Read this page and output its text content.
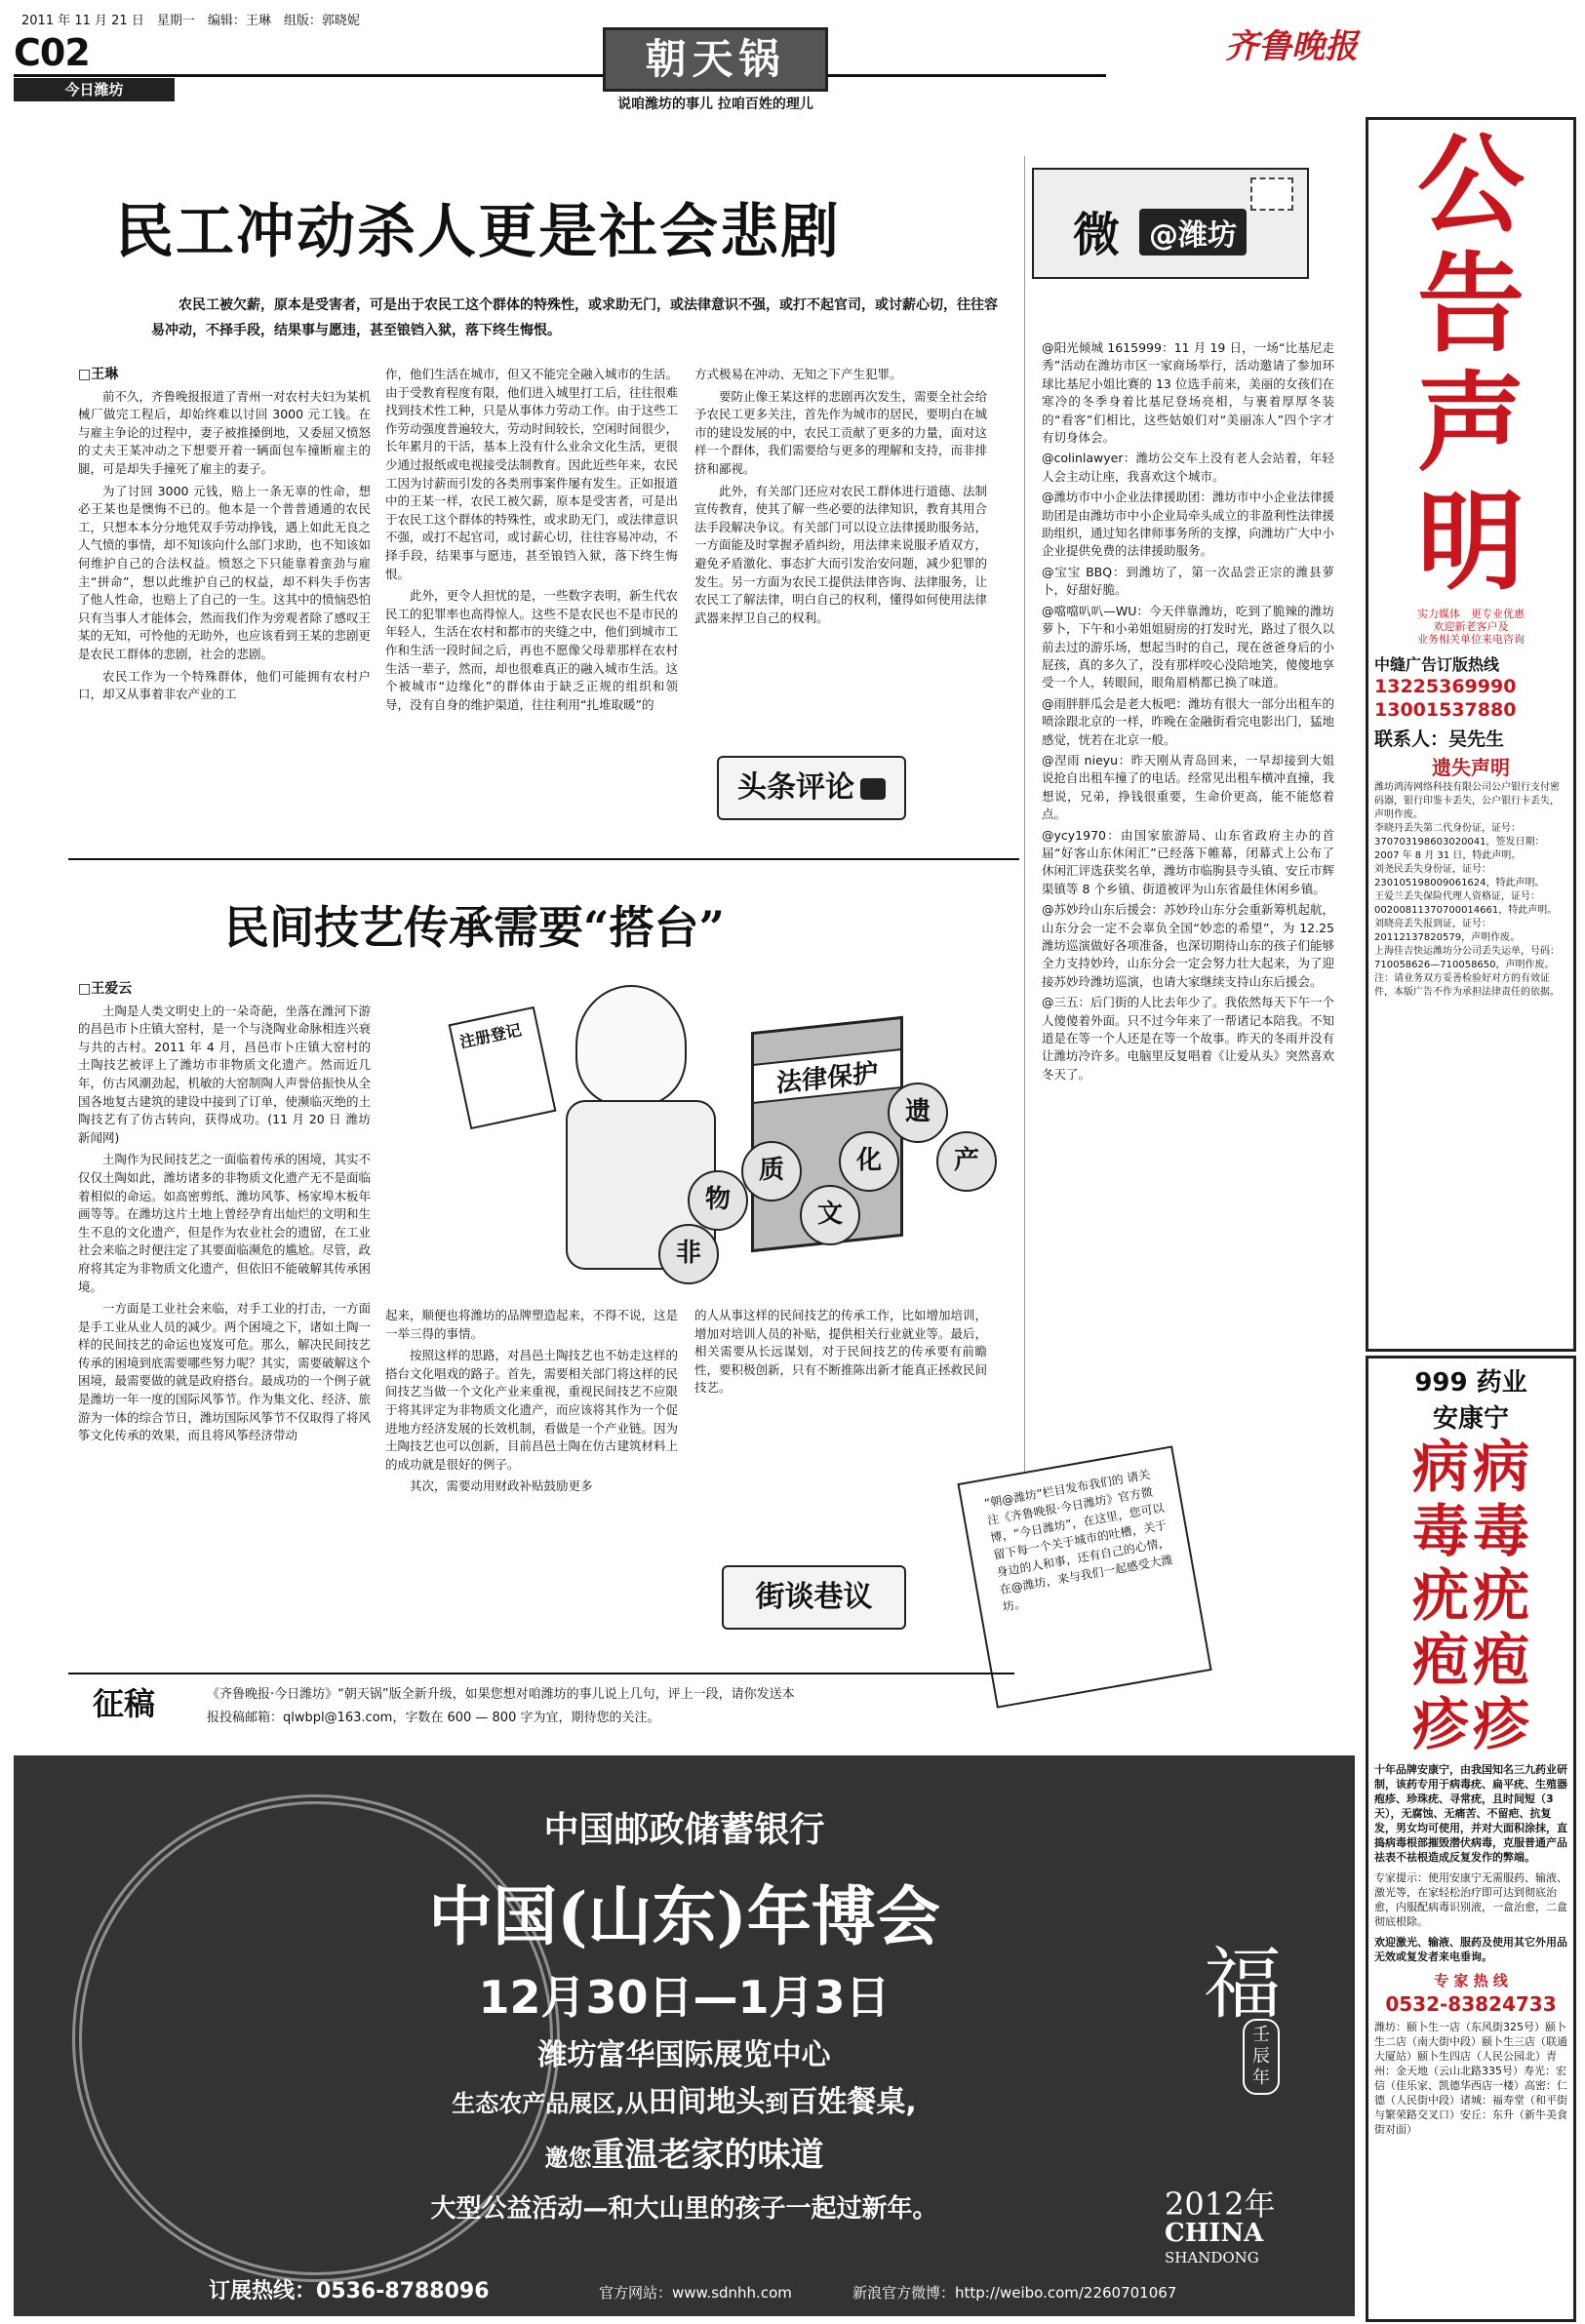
2011 年 11 月 21 日　星期一　编辑：王琳　组版：郭晓妮
C02
今日潍坊
朝天锅
说咱潍坊的事儿 拉咱百姓的理儿
齐鲁晚报
民工冲动杀人更是社会悲剧
农民工被欠薪，原本是受害者，可是出于农民工这个群体的特殊性，或求助无门，或法律意识不强，或打不起官司，或讨薪心切，往往容易冲动，不择手段，结果事与愿违，甚至锒铛入狱，落下终生悔恨。

□王琳

前不久，齐鲁晚报报道了青州一对农村夫妇为某机械厂做完工程后，却始终难以讨回 3000 元工钱。在与雇主争论的过程中，妻子被推搡倒地，又委屈又愤怒的丈夫王某冲动之下想要开着一辆面包车撞断雇主的腿，可是却失手撞死了雇主的妻子。

为了讨回 3000 元钱，赔上一条无辜的性命，想必王某也是懊悔不已的。他本是一个普普通通的农民工，只想本本分分地凭双手劳动挣钱，遇上如此无良之人气愤的事情，却不知该向什么部门求助，也不知该如何维护自己的合法权益。愤怒之下只能靠着蛮劲与雇主“拼命”，想以此维护自己的权益，却不料失手伤害了他人性命，也赔上了自己的一生。这其中的愤恼恐怕只有当事人才能体会，然而我们作为旁观者除了感叹王某的无知，可怜他的无助外，也应该看到王某的悲剧更是农民工群体的悲剧，社会的悲剧。

农民工作为一个特殊群体，他们可能拥有农村户口，却又从事着非农产业的工

作，他们生活在城市，但又不能完全融入城市的生活。由于受教育程度有限，他们进入城里打工后，往往很难找到技术性工种，只是从事体力劳动工作。由于这些工作劳动强度普遍较大，劳动时间较长，空闲时间很少，长年累月的干活，基本上没有什么业余文化生活，更很少通过报纸或电视接受法制教育。因此近些年来，农民工因为讨薪而引发的各类刑事案件屡有发生。正如报道中的王某一样，农民工被欠薪，原本是受害者，可是出于农民工这个群体的特殊性，或求助无门，或法律意识不强，或打不起官司，或讨薪心切，往往容易冲动，不择手段，结果事与愿违，甚至锒铛入狱，落下终生悔恨。

此外，更令人担忧的是，一些数字表明，新生代农民工的犯罪率也高得惊人。这些不是农民也不是市民的年轻人，生活在农村和都市的夹缝之中，他们到城市工作和生活一段时间之后，再也不愿像父母辈那样在农村生活一辈子，然而，却也很难真正的融入城市生活。这个被城市“边缘化”的群体由于缺乏正规的组织和领导，没有自身的维护渠道，往往利用“扎堆取暖”的

方式极易在冲动、无知之下产生犯罪。

要防止像王某这样的悲剧再次发生，需要全社会给予农民工更多关注，首先作为城市的居民，要明白在城市的建设发展的中，农民工贡献了更多的力量，面对这样一个群体，我们需要给与更多的理解和支持，而非排挤和鄙视。

此外，有关部门还应对农民工群体进行道德、法制宣传教育，使其了解一些必要的法律知识，教育其用合法手段解决争议。有关部门可以设立法律援助服务站，一方面能及时掌握矛盾纠纷，用法律来说服矛盾双方，避免矛盾激化、事态扩大而引发治安问题，减少犯罪的发生。另一方面为农民工提供法律咨询、法律服务，让农民工了解法律，明白自己的权利，懂得如何使用法律武器来捍卫自己的权利。

头条评论
微 @潍坊

@阳光倾城 1615999：11 月 19 日，一场“比基尼走秀”活动在潍坊市区一家商场举行，活动邀请了参加环球比基尼小姐比赛的 13 位选手前来，美丽的女孩们在寒冷的冬季身着比基尼登场亮相，与裹着厚厚冬装的“看客”们相比，这些姑娘们对“美丽冻人”四个字才有切身体会。

@colinlawyer：潍坊公交车上没有老人会站着，年轻人会主动让座，我喜欢这个城市。

@潍坊市中小企业法律援助团：潍坊市中小企业法律援助团是由潍坊市中小企业局牵头成立的非盈利性法律援助组织，通过知名律师事务所的支撑，向潍坊广大中小企业提供免费的法律援助服务。

@宝宝 BBQ：到潍坊了，第一次品尝正宗的潍县萝卜，好甜好脆。

@噹噹叭叭—WU：今天伴靠潍坊，吃到了脆辣的潍坊萝卜，下午和小弟姐姐厨房的打发时光，路过了很久以前去过的游乐场，想起当时的自己，现在爸爸身后的小屁孩，真的多久了，没有那样咬心没陪地笑，傻傻地享受一个人，转眼间，眼角眉梢都已换了味道。

@雨胖胖瓜会是老大板吧：潍坊有很大一部分出租车的喷涂跟北京的一样，昨晚在金融街看完电影出门，猛地感觉，恍若在北京一般。

@涅雨 nieyu：昨天刚从青岛回来，一早却接到大姐说抢自出租车撞了的电话。经常见出租车横冲直撞，我想说，兄弟，挣钱很重要，生命价更高，能不能悠着点。

@ycy1970：由国家旅游局、山东省政府主办的首届“好客山东休闲汇”已经落下帷幕，闭幕式上公布了休闲汇评选获奖名单，潍坊市临朐县寺头镇、安丘市辉渠镇等 8 个乡镇、街道被评为山东省最佳休闲乡镇。

@苏妙玲山东后援会：苏妙玲山东分会重新筹机起航，山东分会一定不会辜负全国“妙恋的希望”，为 12.25 潍坊巡演做好各项准备，也深切期待山东的孩子们能够全力支持妙玲，山东分会一定会努力壮大起来，为了迎接苏妙玲潍坊巡演，也请大家继续支持山东后援会。

@三五：后门街的人比去年少了。我依然每天下午一个人傻傻着外面。只不过今年来了一帮诸记本陪我。不知道是在等一个人还是在等一个故事。昨天的冬雨并没有让潍坊冷许多。电脑里反复唱着《让爱从头》突然喜欢冬天了。

民间技艺传承需要“搭台”
注册登记
法律保护
非
物
质
文
化
遗
产

□王爱云

土陶是人类文明史上的一朵奇葩，坐落在潍河下游的昌邑市卜庄镇大窑村，是一个与浇陶业命脉相连兴衰与共的古村。2011 年 4 月，昌邑市卜庄镇大窑村的土陶技艺被评上了潍坊市非物质文化遗产。然而近几年，仿古风潮劲起，机敏的大窑制陶人声誉倍振快从全国各地复古建筑的建设中接到了订单，使濒临灭绝的土陶技艺有了仿古转向，获得成功。(11 月 20 日 潍坊新闻网)

土陶作为民间技艺之一面临着传承的困境，其实不仅仅土陶如此，潍坊诸多的非物质文化遗产无不是面临着相似的命运。如高密剪纸、潍坊风筝、杨家埠木板年画等等。在潍坊这片土地上曾经孕育出灿烂的文明和生生不息的文化遗产，但是作为农业社会的遗留，在工业社会来临之时便注定了其要面临濒危的尴尬。尽管，政府将其定为非物质文化遗产，但依旧不能破解其传承困境。

一方面是工业社会来临，对手工业的打击，一方面是手工业从业人员的减少。两个困境之下，诸如土陶一样的民间技艺的命运也岌岌可危。那么，解决民间技艺传承的困境到底需要哪些努力呢？其实，需要破解这个困境，最需要做的就是政府搭台。最成功的一个例子就是潍坊一年一度的国际风筝节。作为集文化、经济、旅游为一体的综合节日，潍坊国际风筝节不仅取得了将风筝文化传承的效果，而且将风筝经济带动

起来，顺便也将潍坊的品牌塑造起来，不得不说，这是一举三得的事情。

按照这样的思路，对昌邑土陶技艺也不妨走这样的搭台文化唱戏的路子。首先，需要相关部门将这样的民间技艺当做一个文化产业来重视，重视民间技艺不应限于将其评定为非物质文化遗产，而应该将其作为一个促进地方经济发展的长效机制，看做是一个产业链。因为土陶技艺也可以创新，目前昌邑土陶在仿古建筑材料上的成功就是很好的例子。

其次，需要动用财政补贴鼓励更多

的人从事这样的民间技艺的传承工作，比如增加培训，增加对培训人员的补贴，提供相关行业就业等。最后，相关需要从长远谋划，对于民间技艺的传承要有前瞻性，要积极创新，只有不断推陈出新才能真正拯救民间技艺。

街谈巷议
“朝@潍坊”栏目发布我们的 请关注《齐鲁晚报·今日潍坊》官方微博，“今日潍坊”，在这里，您可以留下每一个关于城市的吐槽，关于身边的人和事，还有自己的心情，在@潍坊，来与我们一起感受大潍坊。
征稿	《齐鲁晚报·今日潍坊》“朝天锅”版全新升级，如果您想对咱潍坊的事儿说上几句，评上一段，请你发送本
报投稿邮箱：qlwbpl@163.com，字数在 600 — 800 字为宜，期待您的关注。
公
告
声
明

实力媒体　更专业优惠

欢迎新老客户及

业务相关单位来电咨询

中缝广告订版热线
13225369990
13001537880
联系人：吴先生
遗失声明

潍坊鸿涛网络科技有限公司公户银行支付密码器，银行印鉴卡丢失，公户银行卡丢失，声明作废。

李晓丹丢失第二代身份证，证号：370703198603020041，签发日期：2007 年 8 月 31 日，特此声明。

刘尧民丢失身份证，证号：230105198009061624，特此声明。

王爱兰丢失保险代理人资格证，证号：00200811370700014661，特此声明。

刘晓亮丢失报到证，证号：20112137820579，声明作废。

上海佳吉快运潍坊分公司丢失运单，号码：710058626—710058650，声明作废。

注：请业务双方妥善检验好对方的有效证件，本版广告不作为承担法律责任的依据。

999 药业
安康宁
病
毒
疣
疱
疹
病
毒
疣
疱
疹
十年品牌安康宁，由我国知名三九药业研制，该药专用于病毒疣、扁平疣、生殖器疱疹、珍珠疣、寻常疣，且时间短（3天），无腐蚀、无痛苦、不留疤、抗复发，男女均可使用，并对大面积涂抹，直捣病毒根部摧毁潜伏病毒，克服普通产品祛表不祛根造成反复发作的弊端。
专家提示：使用安康宁无需服药、输液、激光等，在家轻松治疗即可达到彻底治愈，内服配病毒识别液，一盒治愈，二盒彻底根除。
欢迎激光、输液、服药及使用其它外用品无效或复发者来电垂询。
专 家 热 线
0532-83824733
潍坊：颐卜生一店（东风街325号）颐卜生二店（南大街中段）颐卜生三店（联通大厦站）颐卜生四店（人民公园北）青州：金天地（云山北路335号）寿光：宏信（佳乐家、凯德华西店一楼）高密：仁德（人民街中段）诸城：福寿堂（和平街与繁荣路交叉口）安丘：东升（新牛美食街对面）
中国邮政储蓄银行
中国(山东)年博会
12月30日—1月3日
潍坊富华国际展览中心
生态农产品展区,从田间地头到百姓餐桌,
邀您重温老家的味道
大型公益活动—和大山里的孩子一起过新年。
福
壬辰年
2012年
CHINA
SHANDONG
订展热线：0536-8788096	官方网站：www.sdnhh.com	新浪官方微博：http://weibo.com/2260701067
